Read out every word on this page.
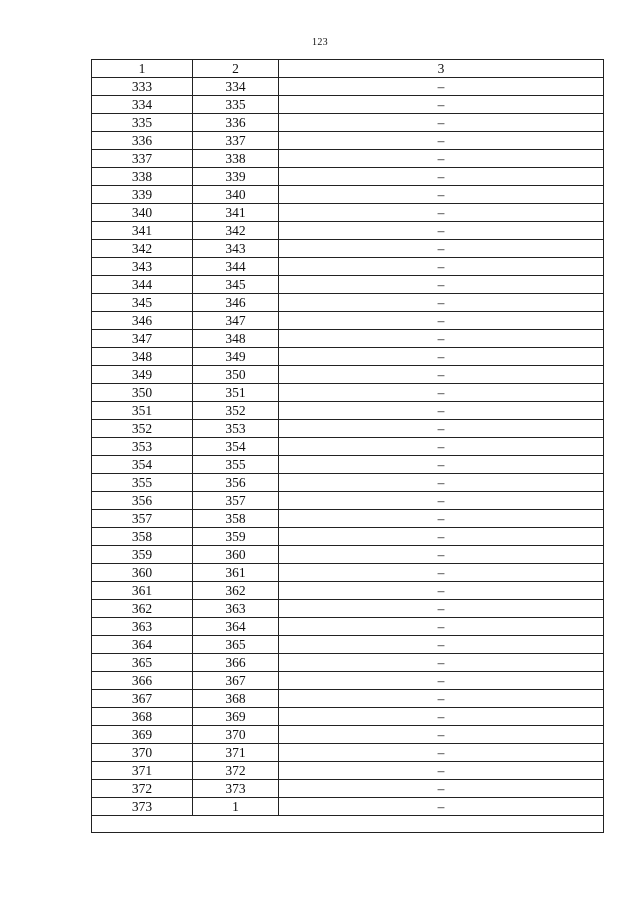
123
1	2	3
333	334	–
334	335	–
335	336	–
336	337	–
337	338	–
338	339	–
339	340	–
340	341	–
341	342	–
342	343	–
343	344	–
344	345	–
345	346	–
346	347	–
347	348	–
348	349	–
349	350	–
350	351	–
351	352	–
352	353	–
353	354	–
354	355	–
355	356	–
356	357	–
357	358	–
358	359	–
359	360	–
360	361	–
361	362	–
362	363	–
363	364	–
364	365	–
365	366	–
366	367	–
367	368	–
368	369	–
369	370	–
370	371	–
371	372	–
372	373	–
373	1	–
